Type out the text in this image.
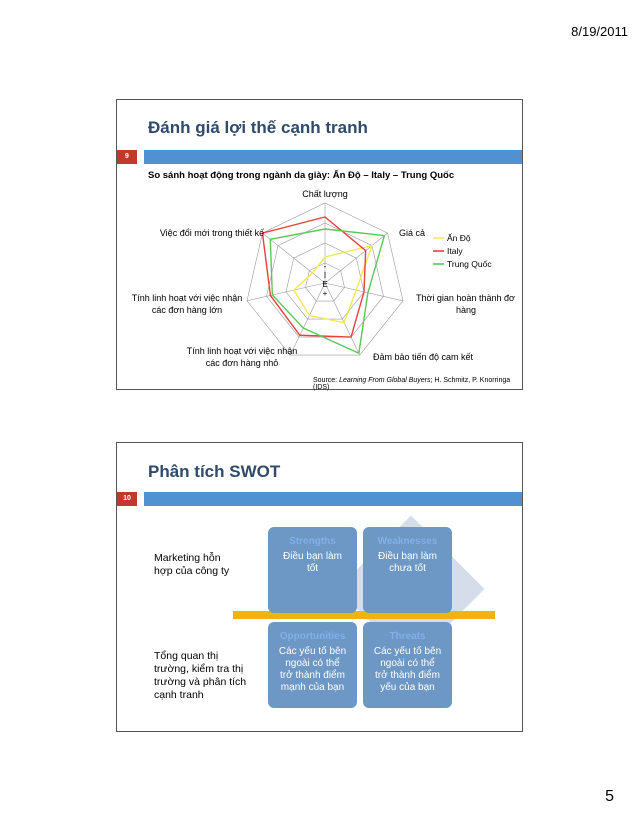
8/19/2011
Đánh giá lợi thế cạnh tranh
9
So sánh hoạt động trong ngành da giày: Ấn Độ – Italy – Trung Quốc
-
I
E
+
Chất lượng
Giá cả
Thời gian hoàn thành đơ
hàng
Đảm bảo tiến độ cam kết
Tính linh hoạt với việc nhận
các đơn hàng nhỏ
Tính linh hoạt với việc nhận
các đơn hàng lớn
Việc đổi mới trong thiết kế	Ấn Độ
Italy
Trung Quốc
Source: Learning From Global Buyers; H. Schmitz, P. Knorringa (IDS)
Phân tích SWOT
10
Marketing hỗn
hợp của công ty
Tổng quan thị
trường, kiểm tra thị
trường và phân tích
cạnh tranh
Strengths
Điều bạn làm
tốt
Weaknesses
Điều bạn làm
chưa tốt
Opportunities
Các yếu tố bên
ngoài có thể
trở thành điểm
mạnh của bạn
Threats
Các yếu tố bên
ngoài có thể
trở thành điểm
yếu của bạn
5
